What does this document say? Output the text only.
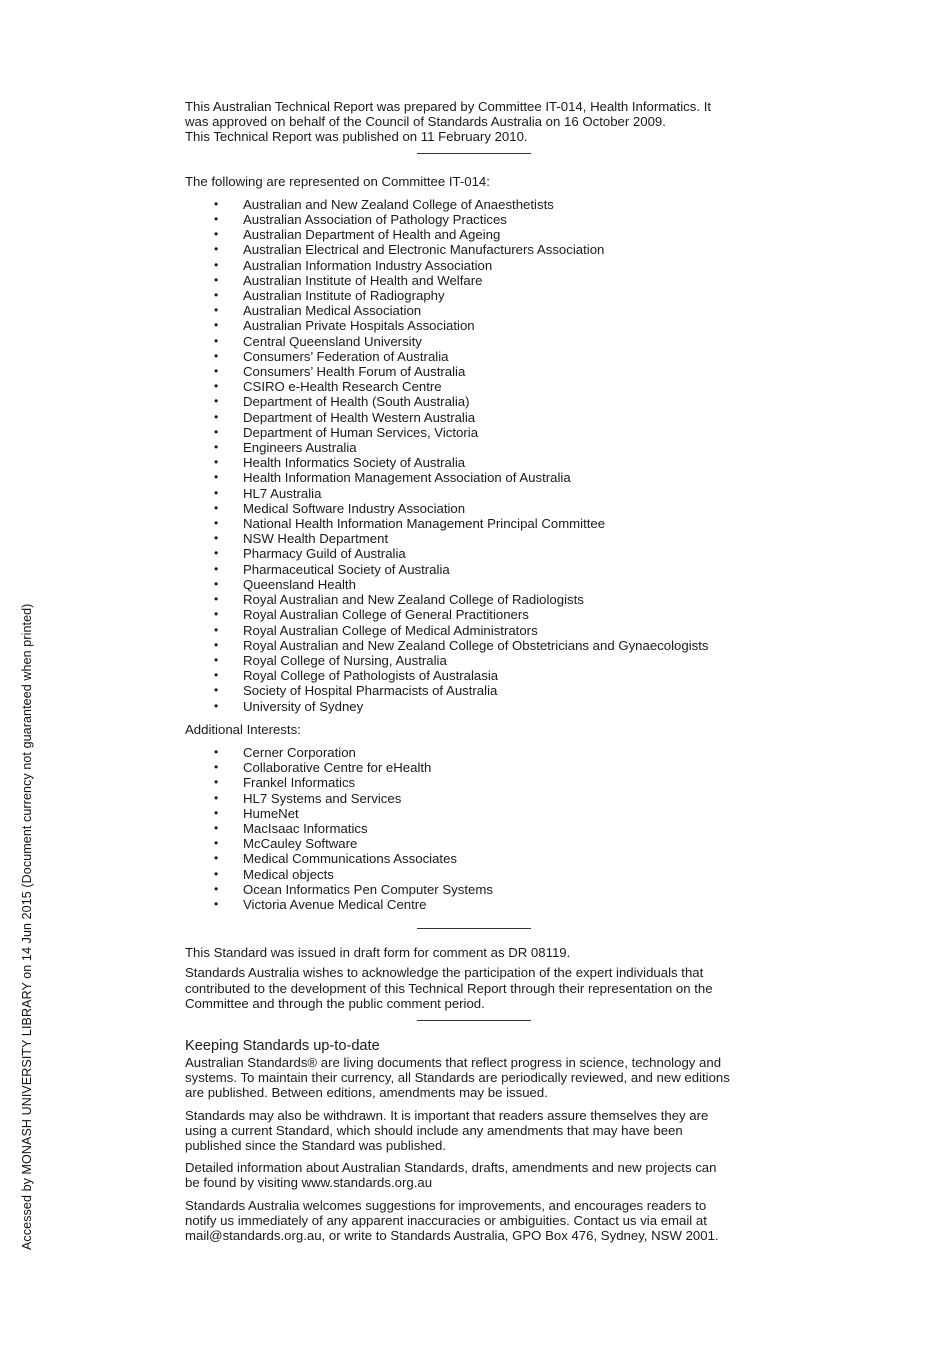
Accessed by MONASH UNIVERSITY LIBRARY on 14 Jun 2015 (Document currency not guaranteed when printed)

This Australian Technical Report was prepared by Committee IT-014, Health Informatics. It

was approved on behalf of the Council of Standards Australia on 16 October 2009.

This Technical Report was published on 11 February 2010.

The following are represented on Committee IT-014:

• Australian and New Zealand College of Anaesthetists
• Australian Association of Pathology Practices
• Australian Department of Health and Ageing
• Australian Electrical and Electronic Manufacturers Association
• Australian Information Industry Association
• Australian Institute of Health and Welfare
• Australian Institute of Radiography
• Australian Medical Association
• Australian Private Hospitals Association
• Central Queensland University
• Consumers’ Federation of Australia
• Consumers’ Health Forum of Australia
• CSIRO e-Health Research Centre
• Department of Health (South Australia)
• Department of Health Western Australia
• Department of Human Services, Victoria
• Engineers Australia
• Health Informatics Society of Australia
• Health Information Management Association of Australia
• HL7 Australia
• Medical Software Industry Association
• National Health Information Management Principal Committee
• NSW Health Department
• Pharmacy Guild of Australia
• Pharmaceutical Society of Australia
• Queensland Health
• Royal Australian and New Zealand College of Radiologists
• Royal Australian College of General Practitioners
• Royal Australian College of Medical Administrators
• Royal Australian and New Zealand College of Obstetricians and Gynaecologists
• Royal College of Nursing, Australia
• Royal College of Pathologists of Australasia
• Society of Hospital Pharmacists of Australia
• University of Sydney

Additional Interests:

• Cerner Corporation
• Collaborative Centre for eHealth
• Frankel Informatics
• HL7 Systems and Services
• HumeNet
• MacIsaac Informatics
• McCauley Software
• Medical Communications Associates
• Medical objects
• Ocean Informatics Pen Computer Systems
• Victoria Avenue Medical Centre

This Standard was issued in draft form for comment as DR 08119.

Standards Australia wishes to acknowledge the participation of the expert individuals that

contributed to the development of this Technical Report through their representation on the

Committee and through the public comment period.

Keeping Standards up-to-date

Australian Standards® are living documents that reflect progress in science, technology and

systems. To maintain their currency, all Standards are periodically reviewed, and new editions

are published. Between editions, amendments may be issued.

Standards may also be withdrawn. It is important that readers assure themselves they are

using a current Standard, which should include any amendments that may have been

published since the Standard was published.

Detailed information about Australian Standards, drafts, amendments and new projects can

be found by visiting www.standards.org.au

Standards Australia welcomes suggestions for improvements, and encourages readers to

notify us immediately of any apparent inaccuracies or ambiguities. Contact us via email at

mail@standards.org.au, or write to Standards Australia, GPO Box 476, Sydney, NSW 2001.
